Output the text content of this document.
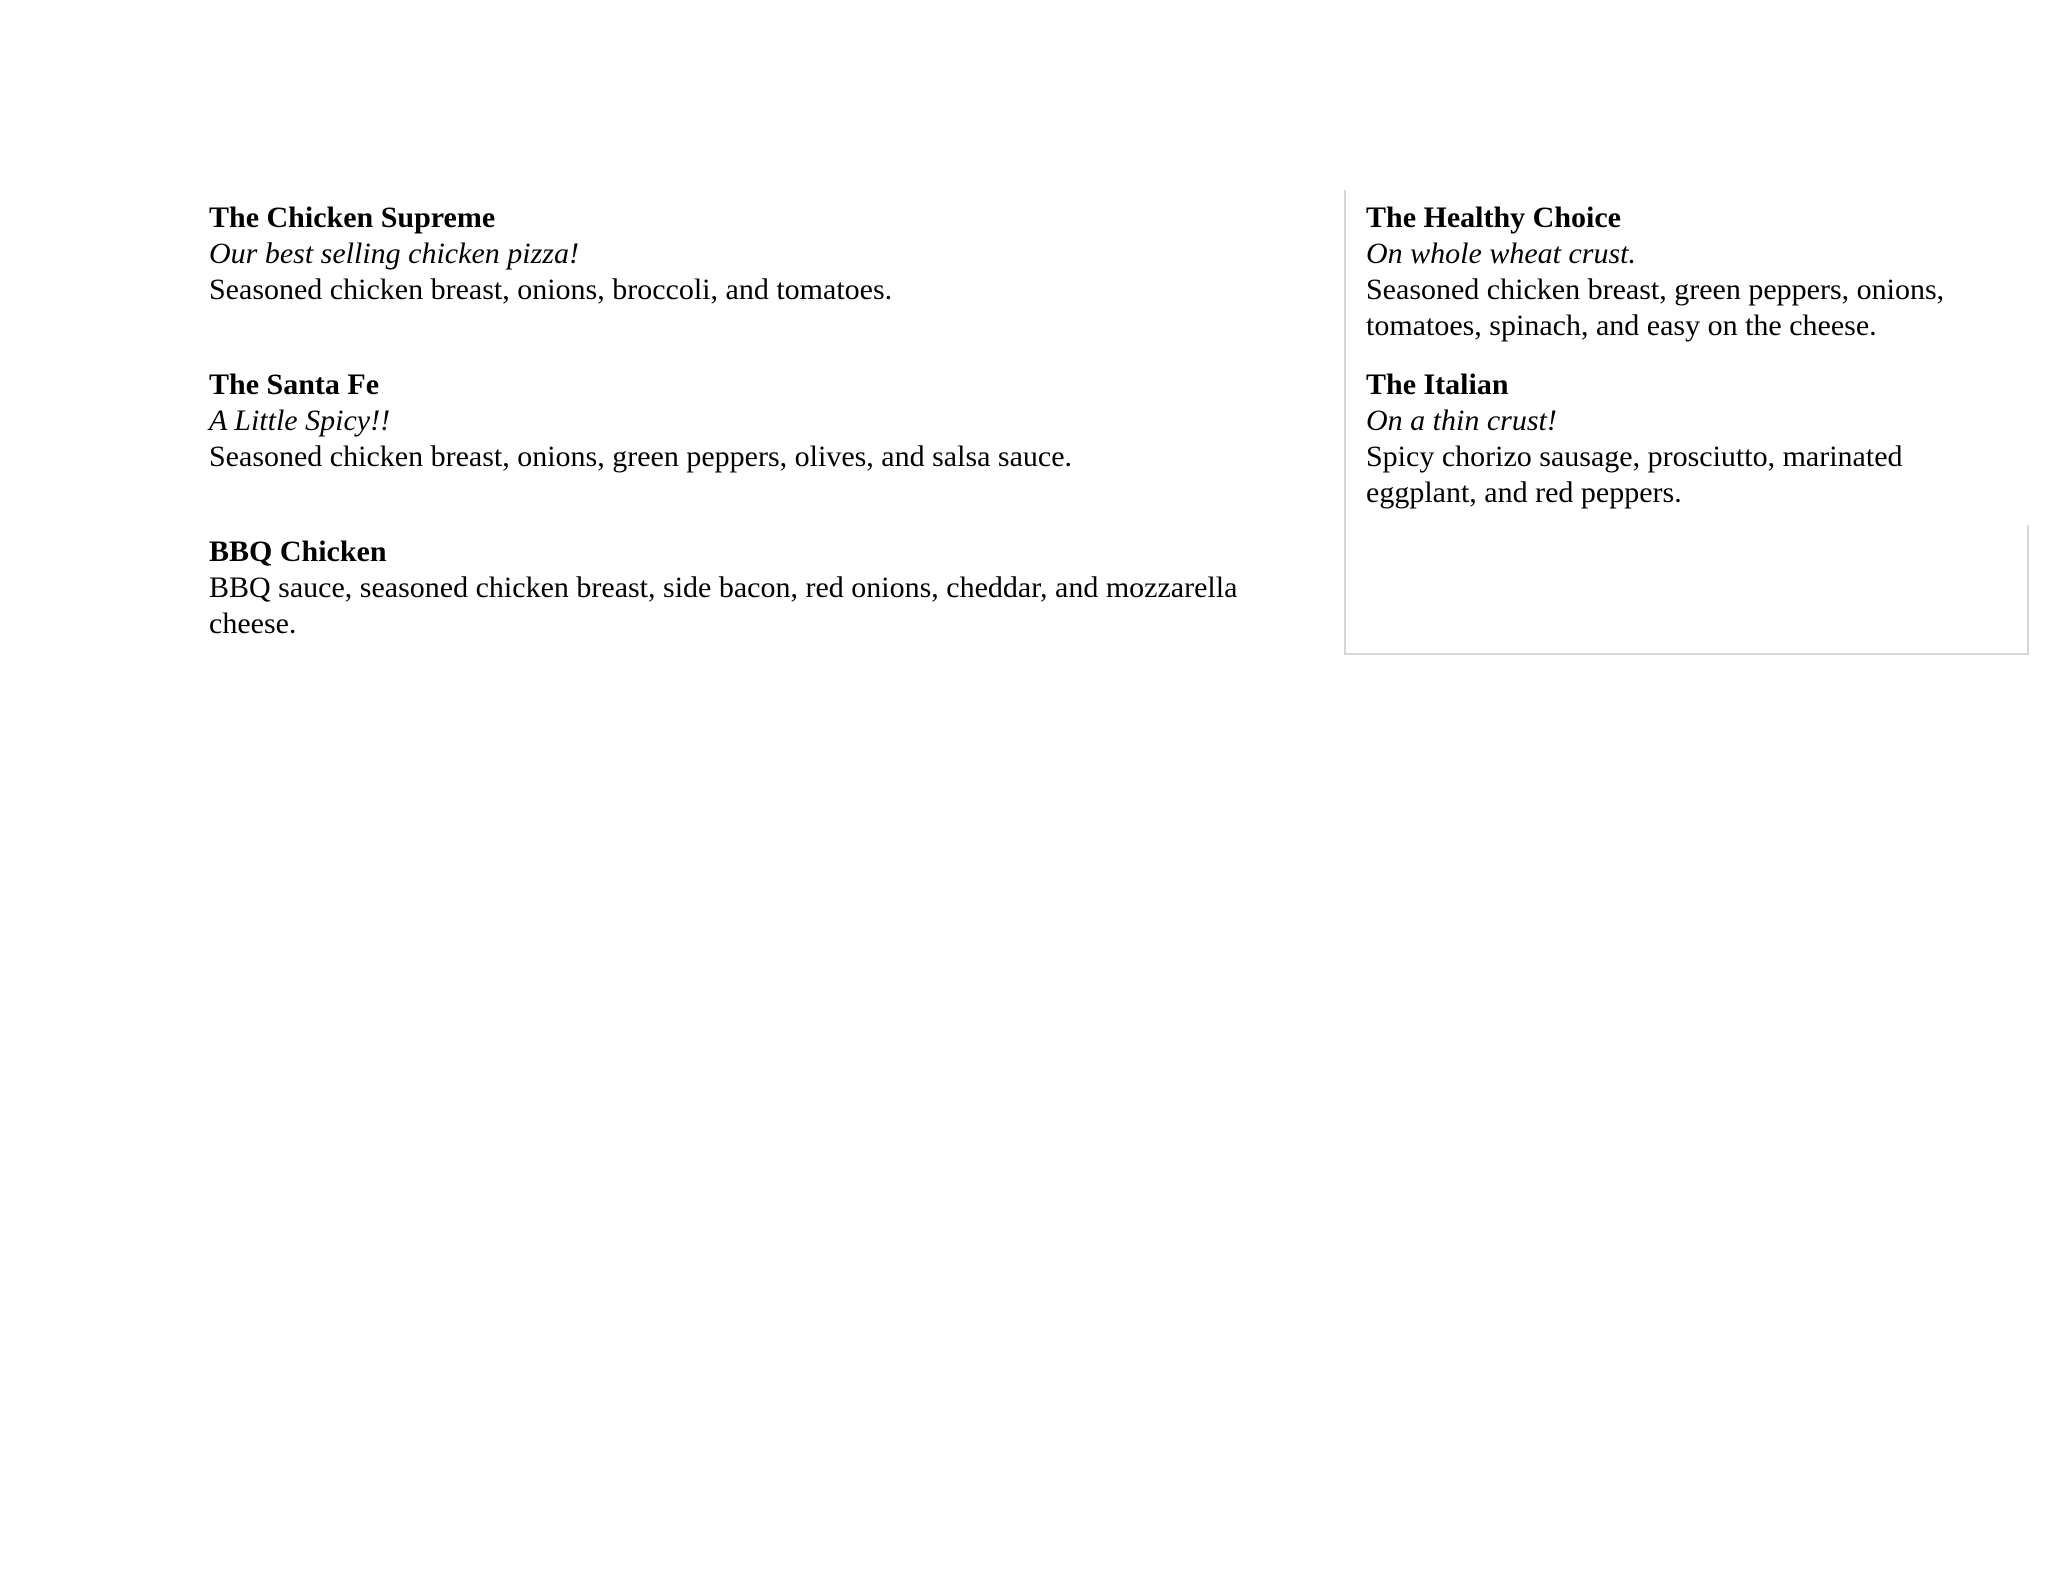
The Chicken Supreme
Our best selling chicken pizza!
Seasoned chicken breast, onions, broccoli, and tomatoes.
The Santa Fe
A Little Spicy!!
Seasoned chicken breast, onions, green peppers, olives, and salsa sauce.
BBQ Chicken
BBQ sauce, seasoned chicken breast, side bacon, red onions, cheddar, and mozzarella cheese.
The Healthy Choice
On whole wheat crust.
Seasoned chicken breast, green peppers, onions, tomatoes, spinach, and easy on the cheese.
The Italian
On a thin crust!
Spicy chorizo sausage, prosciutto, marinated eggplant, and red peppers.
